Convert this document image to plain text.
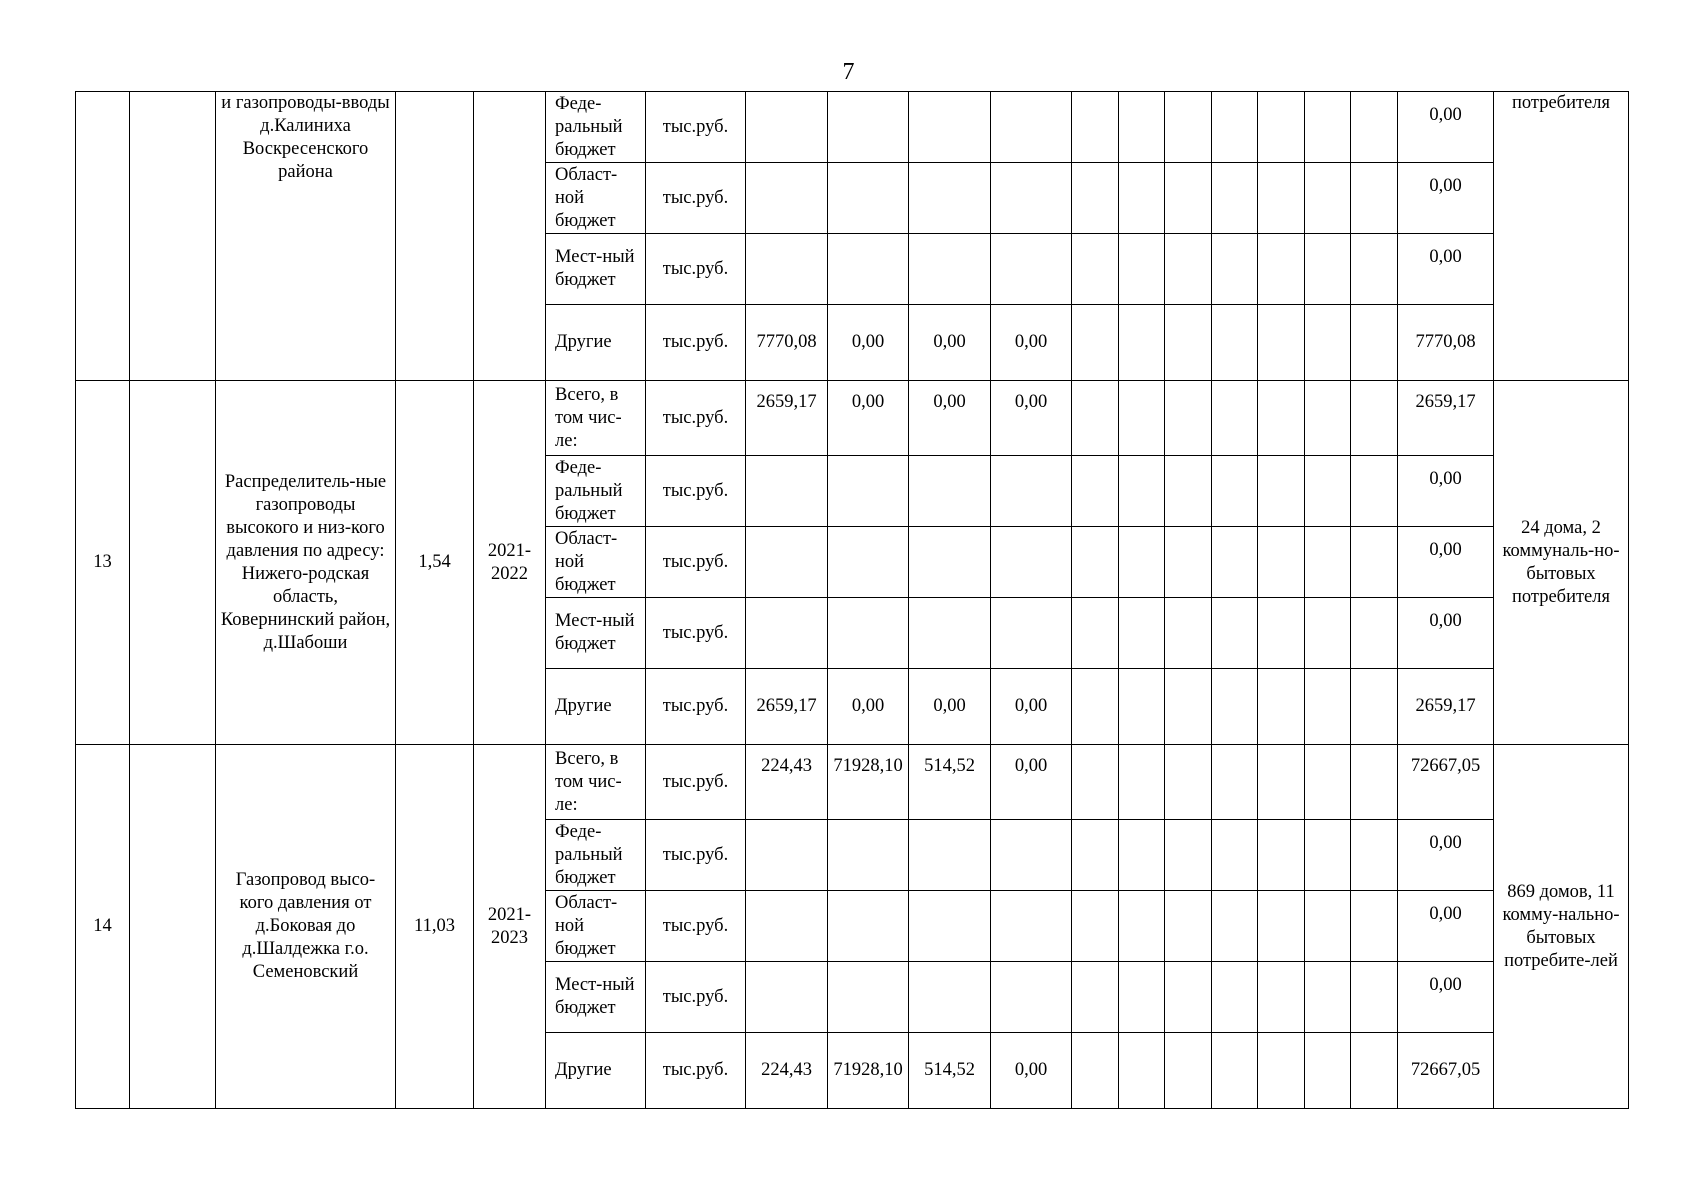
7
		и газопроводы-вводы д.Калиниха Воскресенского района			Феде-ральный бюджет	тыс.руб.												0,00	потребителя
					Област-ной бюджет	тыс.руб.												0,00	
					Мест-ный бюджет	тыс.руб.												0,00	
					Другие	тыс.руб.	7770,08	0,00	0,00	0,00								7770,08	
13		Распределитель-ные газопроводы высокого и низ-кого давления по адресу: Нижего-родская область, Ковернинский район, д.Шабоши	1,54	2021-2022	Всего, в том чис-ле:	тыс.руб.	2659,17	0,00	0,00	0,00								2659,17	24 дома, 2 коммуналь-но-бытовых потребителя
					Феде-ральный бюджет	тыс.руб.												0,00	
					Област-ной бюджет	тыс.руб.												0,00	
					Мест-ный бюджет	тыс.руб.												0,00	
					Другие	тыс.руб.	2659,17	0,00	0,00	0,00								2659,17	
14		Газопровод высо-кого давления от д.Боковая до д.Шалдежка г.о. Семеновский	11,03	2021-2023	Всего, в том чис-ле:	тыс.руб.	224,43	71928,10	514,52	0,00								72667,05	869 домов, 11 комму-нально-бытовых потребите-лей
					Феде-ральный бюджет	тыс.руб.												0,00	
					Област-ной бюджет	тыс.руб.												0,00	
					Мест-ный бюджет	тыс.руб.												0,00	
					Другие	тыс.руб.	224,43	71928,10	514,52	0,00								72667,05	
